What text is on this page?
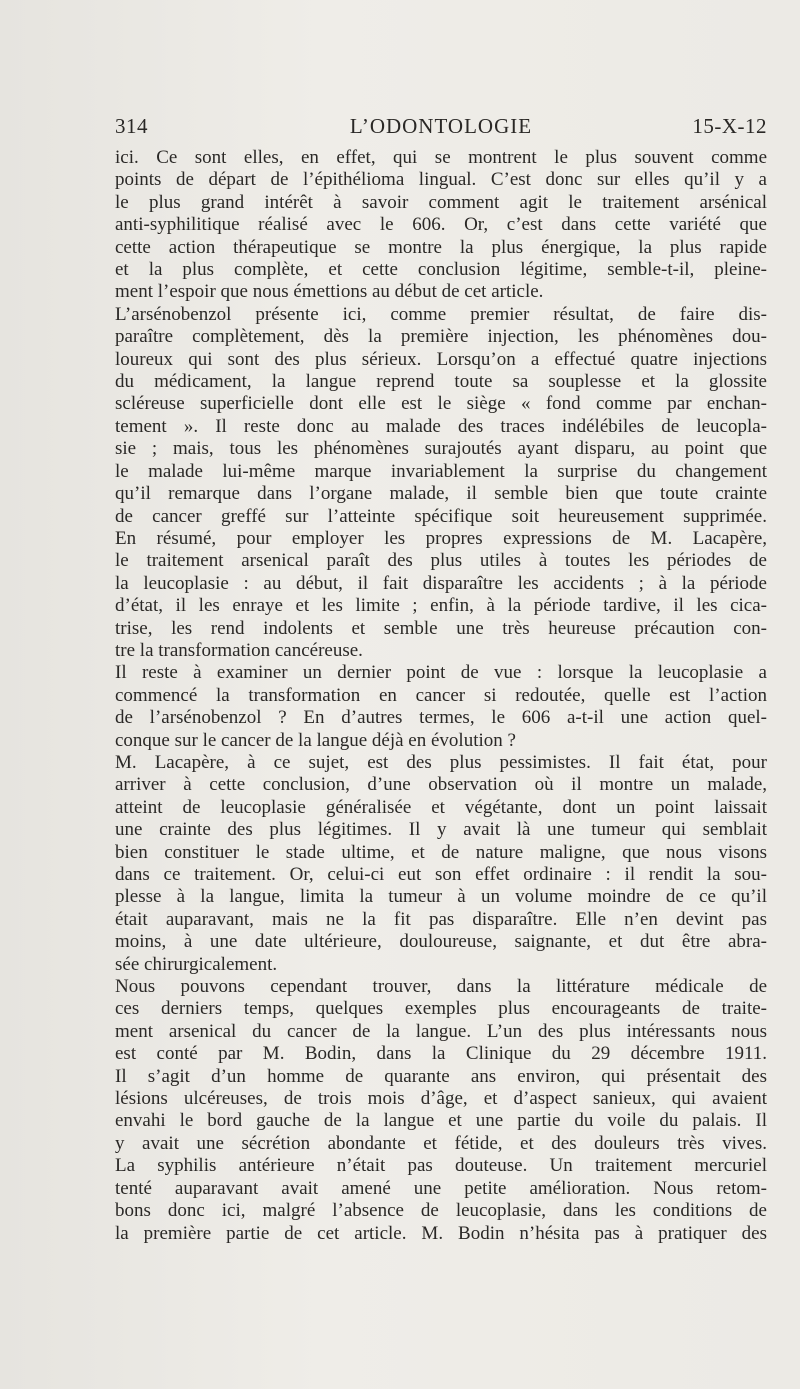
314	L’ODONTOLOGIE	15-X-12

ici. Ce sont elles, en effet, qui se montrent le plus souvent comme

points de départ de l’épithélioma lingual. C’est donc sur elles qu’il y a

le plus grand intérêt à savoir comment agit le traitement arsénical

anti-syphilitique réalisé avec le 606. Or, c’est dans cette variété que

cette action thérapeutique se montre la plus énergique, la plus rapide

et la plus complète, et cette conclusion légitime, semble-t-il, pleine-

ment l’espoir que nous émettions au début de cet article.

L’arsénobenzol présente ici, comme premier résultat, de faire dis-

paraître complètement, dès la première injection, les phénomènes dou-

loureux qui sont des plus sérieux. Lorsqu’on a effectué quatre injections

du médicament, la langue reprend toute sa souplesse et la glossite

scléreuse superficielle dont elle est le siège « fond comme par enchan-

tement ». Il reste donc au malade des traces indélébiles de leucopla-

sie ; mais, tous les phénomènes surajoutés ayant disparu, au point que

le malade lui-même marque invariablement la surprise du changement

qu’il remarque dans l’organe malade, il semble bien que toute crainte

de cancer greffé sur l’atteinte spécifique soit heureusement supprimée.

En résumé, pour employer les propres expressions de M. Lacapère,

le traitement arsenical paraît des plus utiles à toutes les périodes de

la leucoplasie : au début, il fait disparaître les accidents ; à la période

d’état, il les enraye et les limite ; enfin, à la période tardive, il les cica-

trise, les rend indolents et semble une très heureuse précaution con-

tre la transformation cancéreuse.

Il reste à examiner un dernier point de vue : lorsque la leucoplasie a

commencé la transformation en cancer si redoutée, quelle est l’action

de l’arsénobenzol ? En d’autres termes, le 606 a-t-il une action quel-

conque sur le cancer de la langue déjà en évolution ?

M. Lacapère, à ce sujet, est des plus pessimistes. Il fait état, pour

arriver à cette conclusion, d’une observation où il montre un malade,

atteint de leucoplasie généralisée et végétante, dont un point laissait

une crainte des plus légitimes. Il y avait là une tumeur qui semblait

bien constituer le stade ultime, et de nature maligne, que nous visons

dans ce traitement. Or, celui-ci eut son effet ordinaire : il rendit la sou-

plesse à la langue, limita la tumeur à un volume moindre de ce qu’il

était auparavant, mais ne la fit pas disparaître. Elle n’en devint pas

moins, à une date ultérieure, douloureuse, saignante, et dut être abra-

sée chirurgicalement.

Nous pouvons cependant trouver, dans la littérature médicale de

ces derniers temps, quelques exemples plus encourageants de traite-

ment arsenical du cancer de la langue. L’un des plus intéressants nous

est conté par M. Bodin, dans la Clinique du 29 décembre 1911.

Il s’agit d’un homme de quarante ans environ, qui présentait des

lésions ulcéreuses, de trois mois d’âge, et d’aspect sanieux, qui avaient

envahi le bord gauche de la langue et une partie du voile du palais. Il

y avait une sécrétion abondante et fétide, et des douleurs très vives.

La syphilis antérieure n’était pas douteuse. Un traitement mercuriel

tenté auparavant avait amené une petite amélioration. Nous retom-

bons donc ici, malgré l’absence de leucoplasie, dans les conditions de

la première partie de cet article. M. Bodin n’hésita pas à pratiquer des
